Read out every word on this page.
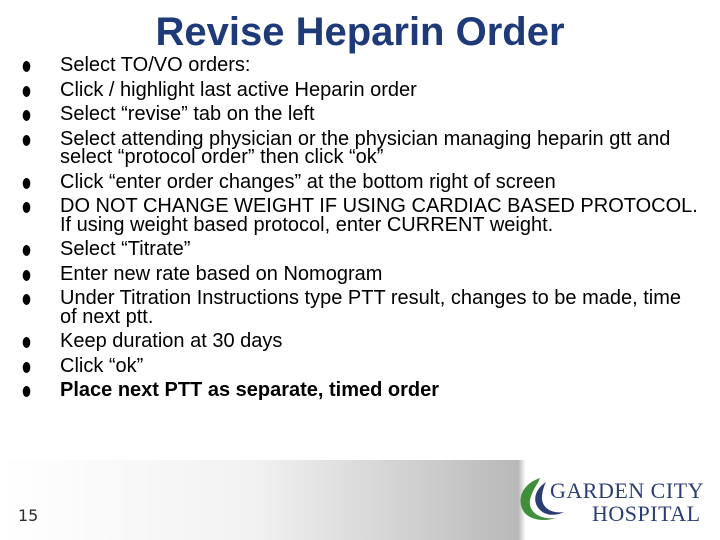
Revise Heparin Order
Select TO/VO orders:
Click / highlight last active Heparin order
Select “revise” tab on the left
Select attending physician or the physician managing heparin gtt and select “protocol order” then click “ok”
Click “enter order changes” at the bottom right of screen
DO NOT CHANGE WEIGHT IF USING CARDIAC BASED PROTOCOL. If using weight based protocol, enter CURRENT weight.
Select “Titrate”
Enter new rate based on Nomogram
Under Titration Instructions type PTT result, changes to be made, time of next ptt.
Keep duration at 30 days
Click “ok”
Place next PTT as separate, timed order
15
GARDEN CITY
HOSPITAL
